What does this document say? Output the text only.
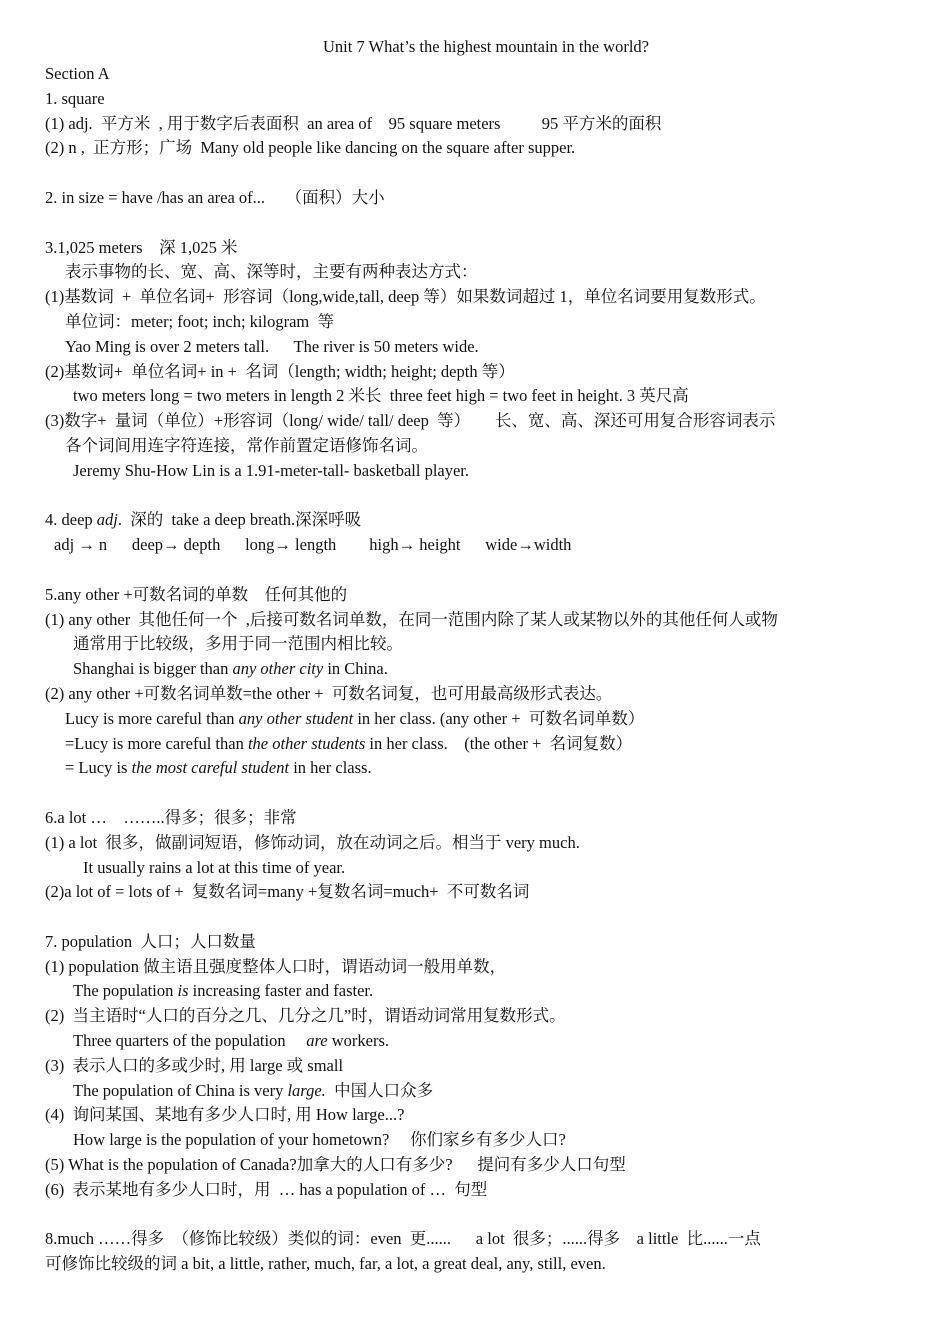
Unit 7 What’s the highest mountain in the world?
Section A
1. square
(1) adj.  平方米  , 用于数字后表面积  an area of    95 square meters          95 平方米的面积
(2) n ,  正方形；广场  Many old people like dancing on the square after supper.
2. in size = have /has an area of...     （面积）大小
3.1,025 meters    深 1,025 米
表示事物的长、宽、高、深等时，主要有两种表达方式：
(1)基数词  +  单位名词+  形容词（long,wide,tall, deep 等）如果数词超过 1，单位名词要用复数形式。
单位词：meter; foot; inch; kilogram  等
Yao Ming is over 2 meters tall.      The river is 50 meters wide.
(2)基数词+  单位名词+ in +  名词（length; width; height; depth 等）
two meters long = two meters in length 2 米长  three feet high = two feet in height. 3 英尺高
(3)数字+  量词（单位）+形容词（long/ wide/ tall/ deep  等）      长、宽、高、深还可用复合形容词表示
各个词间用连字符连接，常作前置定语修饰名词。
Jeremy Shu-How Lin is a 1.91-meter-tall- basketball player.
4. deep adj.  深的  take a deep breath.深深呼吸
adj → n      deep→ depth      long→ length        high→ height      wide→width
5.any other +可数名词的单数    任何其他的
(1) any other  其他任何一个  ,后接可数名词单数，在同一范围内除了某人或某物以外的其他任何人或物
通常用于比较级，多用于同一范围内相比较。
Shanghai is bigger than any other city in China.
(2) any other +可数名词单数=the other +  可数名词复，也可用最高级形式表达。
Lucy is more careful than any other student in her class. (any other +  可数名词单数）
=Lucy is more careful than the other students in her class.    (the other +  名词复数）
= Lucy is the most careful student in her class.
6.a lot …    ……..得多；很多；非常
(1) a lot  很多，做副词短语，修饰动词，放在动词之后。相当于 very much.
It usually rains a lot at this time of year.
(2)a lot of = lots of +  复数名词=many +复数名词=much+  不可数名词
7. population  人口；人口数量
(1) population 做主语且强度整体人口时，谓语动词一般用单数，
The population is increasing faster and faster.
(2)  当主语时“人口的百分之几、几分之几”时，谓语动词常用复数形式。
Three quarters of the population     are workers.
(3)  表示人口的多或少时, 用 large 或 small
The population of China is very large.  中国人口众多
(4)  询问某国、某地有多少人口时, 用 How large...?
How large is the population of your hometown?     你们家乡有多少人口?
(5) What is the population of Canada?加拿大的人口有多少?      提问有多少人口句型
(6)  表示某地有多少人口时，用  … has a population of …  句型
8.much ……得多  （修饰比较级）类似的词：even  更......      a lot  很多；......得多    a little  比......一点
可修饰比较级的词 a bit, a little, rather, much, far, a lot, a great deal, any, still, even.
